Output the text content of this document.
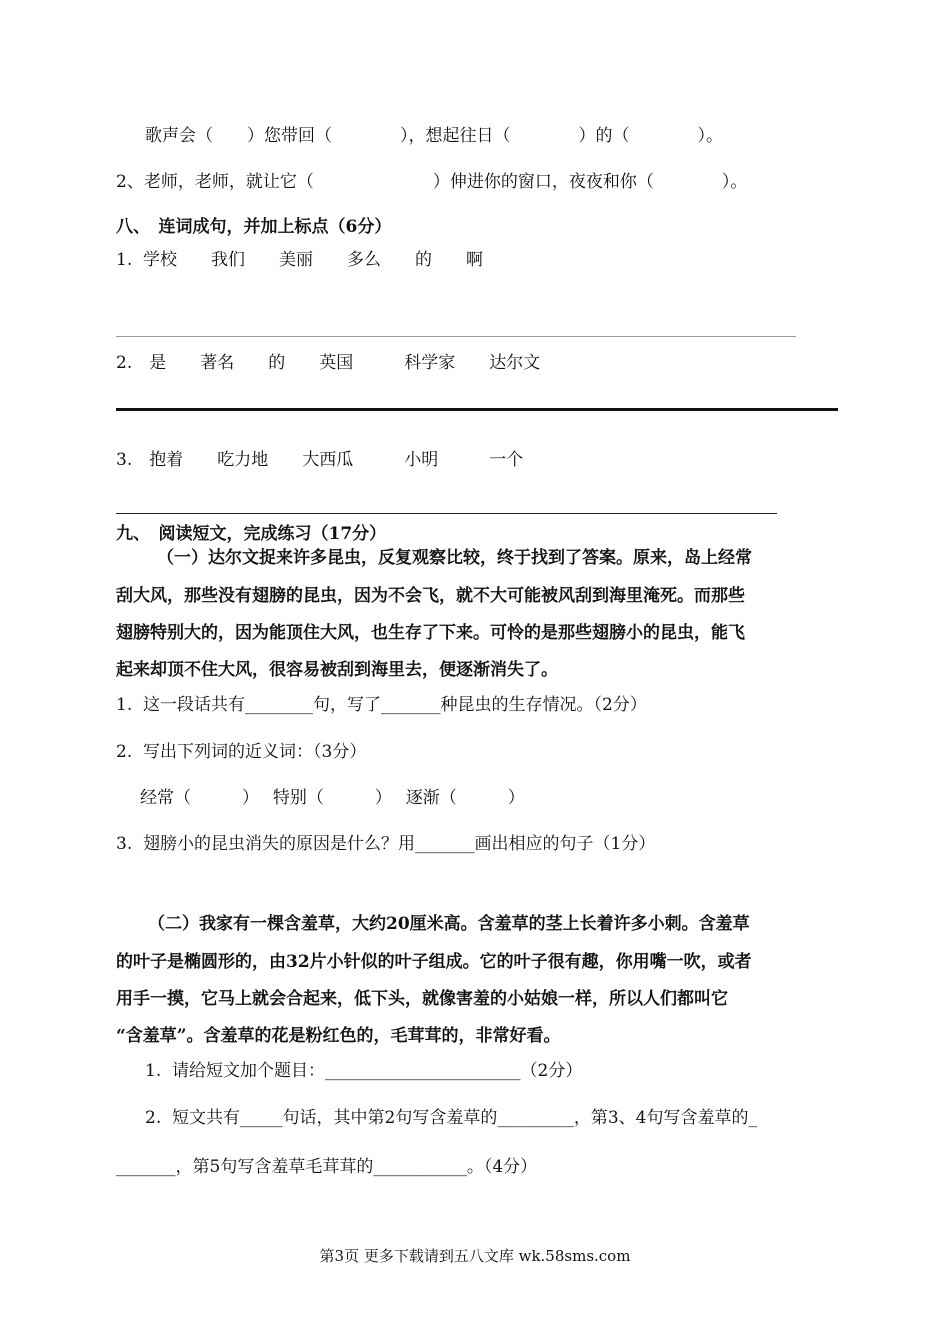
歌声会（　　）您带回（　　　　），想起往日（　　　　）的（　　　　）。
2、老师，老师，就让它（　　　　　　　）伸进你的窗口，夜夜和你（　　　　）。
八、　连词成句，并加上标点（6分）
1.  学校　　我们　　美丽　　多么　　的　　啊
2.　是　　著名　　的　　英国　　　科学家　　达尔文
3.　抱着　　吃力地　　大西瓜　　　小明　　　一个
九、　阅读短文，完成练习（17分）
（一）达尔文捉来许多昆虫，反复观察比较，终于找到了答案。原来，岛上经常
刮大风，那些没有翅膀的昆虫，因为不会飞，就不大可能被风刮到海里淹死。而那些
翅膀特别大的，因为能顶住大风，也生存了下来。可怜的是那些翅膀小的昆虫，能飞
起来却顶不住大风，很容易被刮到海里去，便逐渐消失了。
1.  这一段话共有________句，写了_______种昆虫的生存情况。（2分）
2.  写出下列词的近义词：（3分）
经常（　　　）　 特别（　　　）　 逐渐（　　　）
3.  翅膀小的昆虫消失的原因是什么？用_______画出相应的句子（1分）
（二）我家有一棵含羞草，大约20厘米高。含羞草的茎上长着许多小刺。含羞草
的叶子是椭圆形的，由32片小针似的叶子组成。它的叶子很有趣，你用嘴一吹，或者
用手一摸，它马上就会合起来，低下头，就像害羞的小姑娘一样，所以人们都叫它
“含羞草”。含羞草的花是粉红色的，毛茸茸的，非常好看。
1.  请给短文加个题目：_______________________（2分）
2.  短文共有_____句话，其中第2句写含羞草的_________，第3、4句写含羞草的_
_______，第5句写含羞草毛茸茸的___________。（4分）
第3页 更多下载请到五八文库 wk.58sms.com
